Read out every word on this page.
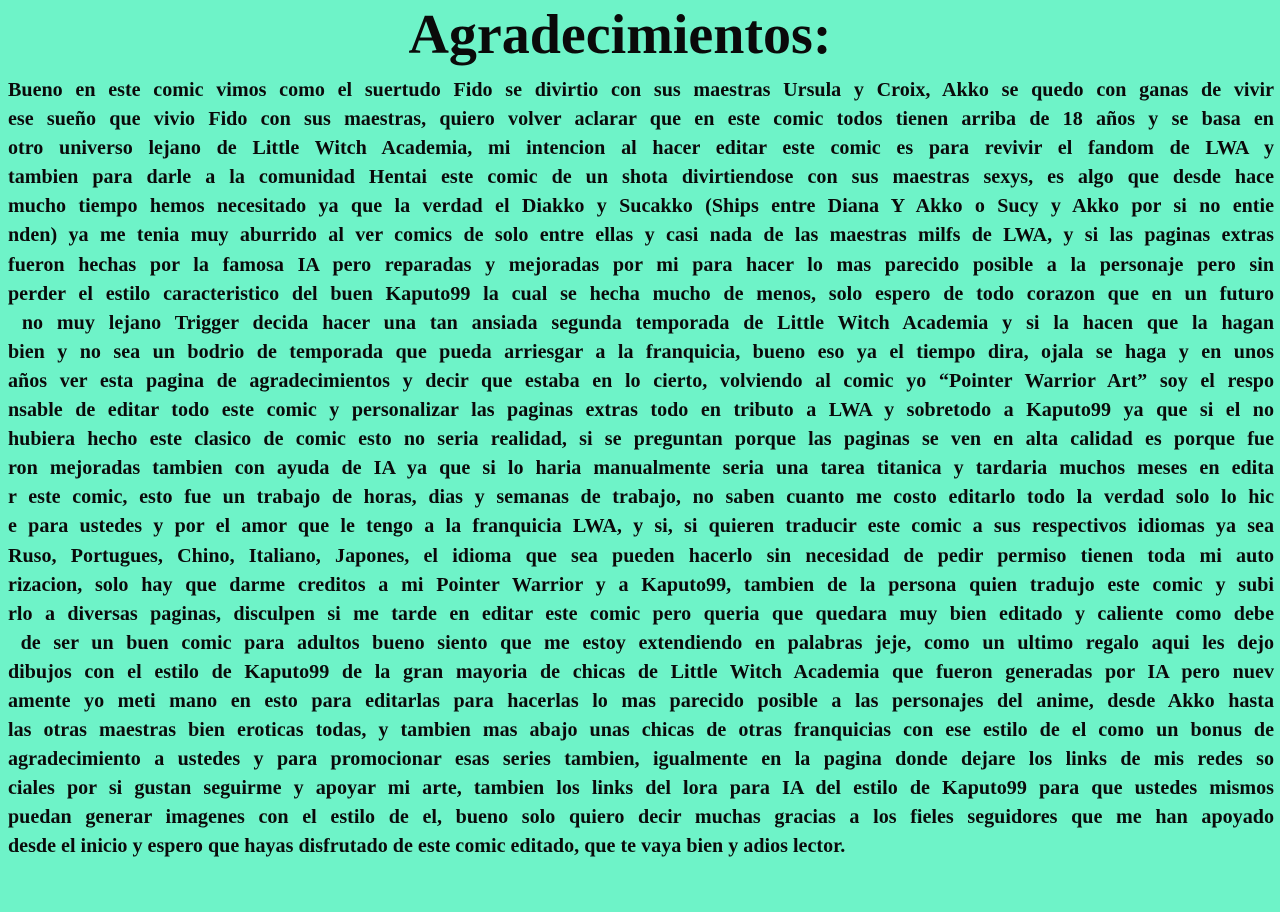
Agradecimientos:
Bueno en este comic vimos como el suertudo Fido se divirtio con sus maestras Ursula y Croix, Akko se quedo con ganas de vivir
ese sueño que vivio Fido con sus maestras, quiero volver aclarar que en este comic todos tienen arriba de 18 años y se basa en
otro universo lejano de Little Witch Academia, mi intencion al hacer editar este comic es para revivir el fandom de LWA y
tambien para darle a la comunidad Hentai este comic de un shota divirtiendose con sus maestras sexys, es algo que desde hace
mucho tiempo hemos necesitado ya que la verdad el Diakko y Sucakko (Ships entre Diana Y Akko o Sucy y Akko por si no entie
nden) ya me tenia muy aburrido al ver comics de solo entre ellas y casi nada de las maestras milfs de LWA, y si las paginas extras
fueron hechas por la famosa IA pero reparadas y mejoradas por mi para hacer lo mas parecido posible a la personaje pero sin
perder el estilo caracteristico del buen Kaputo99 la cual se hecha mucho de menos, solo espero de todo corazon que en un futuro
no muy lejano Trigger decida hacer una tan ansiada segunda temporada de Little Witch Academia y si la hacen que la hagan
bien y no sea un bodrio de temporada que pueda arriesgar a la franquicia, bueno eso ya el tiempo dira, ojala se haga y en unos
años ver esta pagina de agradecimientos y decir que estaba en lo cierto, volviendo al comic yo “Pointer Warrior Art” soy el respo
nsable de editar todo este comic y personalizar las paginas extras todo en tributo a LWA y sobretodo a Kaputo99 ya que si el no
hubiera hecho este clasico de comic esto no seria realidad, si se preguntan porque las paginas se ven en alta calidad es porque fue
ron mejoradas tambien con ayuda de IA ya que si lo haria manualmente seria una tarea titanica y tardaria muchos meses en edita
r este comic, esto fue un trabajo de horas, dias y semanas de trabajo, no saben cuanto me costo editarlo todo la verdad solo lo hic
e para ustedes y por el amor que le tengo a la franquicia LWA, y si, si quieren traducir este comic a sus respectivos idiomas ya sea
Ruso, Portugues, Chino, Italiano, Japones, el idioma que sea pueden hacerlo sin necesidad de pedir permiso tienen toda mi auto
rizacion, solo hay que darme creditos a mi Pointer Warrior y a Kaputo99, tambien de la persona quien tradujo este comic y subi
rlo a diversas paginas, disculpen si me tarde en editar este comic pero queria que quedara muy bien editado y caliente como debe
de ser un buen comic para adultos bueno siento que me estoy extendiendo en palabras jeje, como un ultimo regalo aqui les dejo
dibujos con el estilo de Kaputo99 de la gran mayoria de chicas de Little Witch Academia que fueron generadas por IA pero nuev
amente yo meti mano en esto para editarlas para hacerlas lo mas parecido posible a las personajes del anime, desde Akko hasta
las otras maestras bien eroticas todas, y tambien mas abajo unas chicas de otras franquicias con ese estilo de el como un bonus de
agradecimiento a ustedes y para promocionar esas series tambien, igualmente en la pagina donde dejare los links de mis redes so
ciales por si gustan seguirme y apoyar mi arte, tambien los links del lora para IA del estilo de Kaputo99 para que ustedes mismos
puedan generar imagenes con el estilo de el, bueno solo quiero decir muchas gracias a los fieles seguidores que me han apoyado
desde el inicio y espero que hayas disfrutado de este comic editado, que te vaya bien y adios lector.
